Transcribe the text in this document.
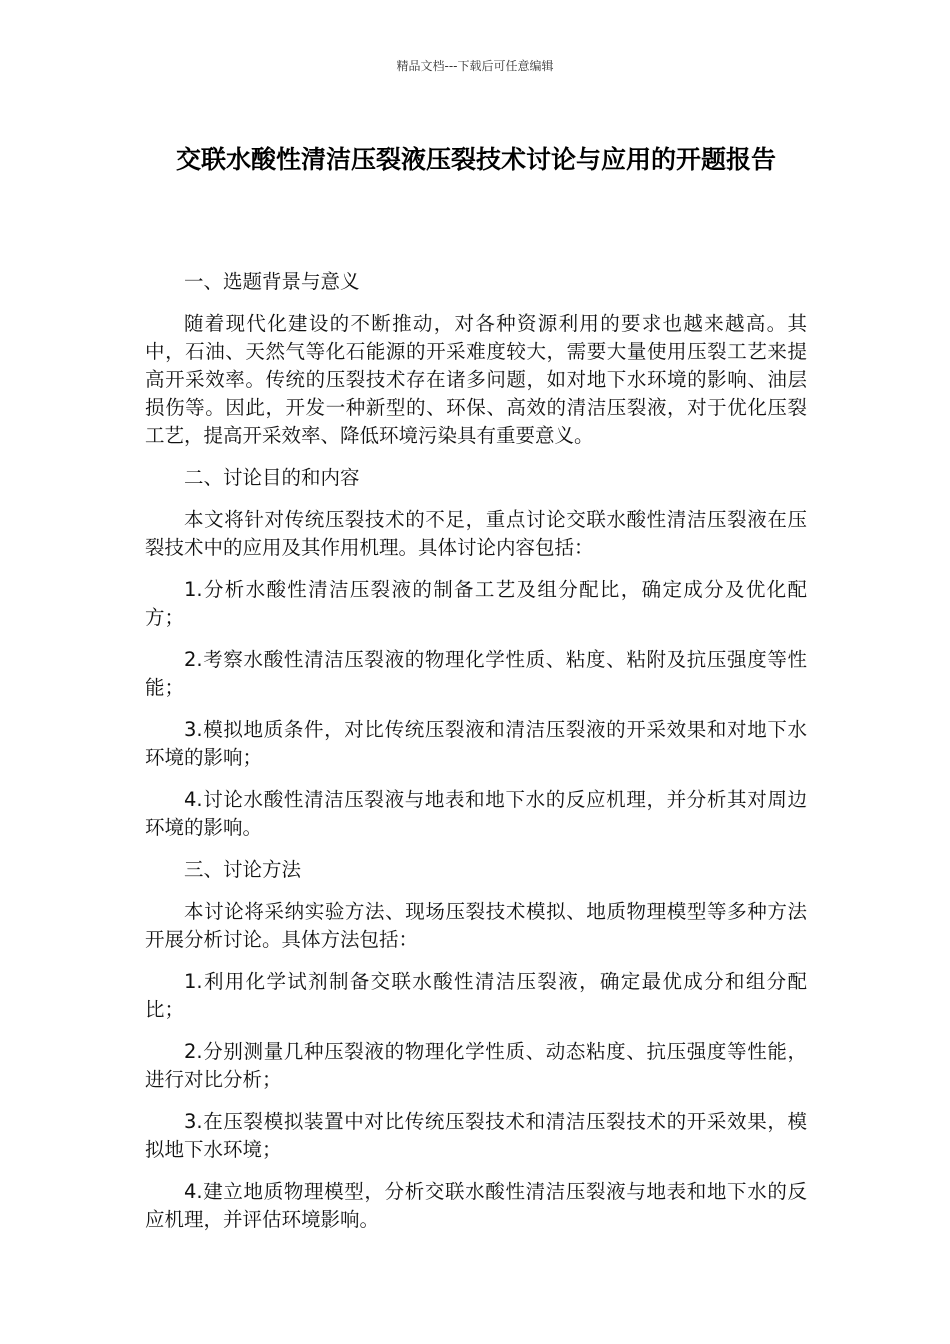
精品文档---下载后可任意编辑
交联水酸性清洁压裂液压裂技术讨论与应用的开题报告

一、选题背景与意义

随着现代化建设的不断推动，对各种资源利用的要求也越来越高。其中，石油、天然气等化石能源的开采难度较大，需要大量使用压裂工艺来提高开采效率。传统的压裂技术存在诸多问题，如对地下水环境的影响、油层损伤等。因此，开发一种新型的、环保、高效的清洁压裂液，对于优化压裂工艺，提高开采效率、降低环境污染具有重要意义。

二、讨论目的和内容

本文将针对传统压裂技术的不足，重点讨论交联水酸性清洁压裂液在压裂技术中的应用及其作用机理。具体讨论内容包括：

1.分析水酸性清洁压裂液的制备工艺及组分配比，确定成分及优化配方；

2.考察水酸性清洁压裂液的物理化学性质、粘度、粘附及抗压强度等性能；

3.模拟地质条件，对比传统压裂液和清洁压裂液的开采效果和对地下水环境的影响；

4.讨论水酸性清洁压裂液与地表和地下水的反应机理，并分析其对周边环境的影响。

三、讨论方法

本讨论将采纳实验方法、现场压裂技术模拟、地质物理模型等多种方法开展分析讨论。具体方法包括：

1.利用化学试剂制备交联水酸性清洁压裂液，确定最优成分和组分配比；

2.分别测量几种压裂液的物理化学性质、动态粘度、抗压强度等性能，进行对比分析；

3.在压裂模拟装置中对比传统压裂技术和清洁压裂技术的开采效果，模拟地下水环境；

4.建立地质物理模型，分析交联水酸性清洁压裂液与地表和地下水的反应机理，并评估环境影响。
